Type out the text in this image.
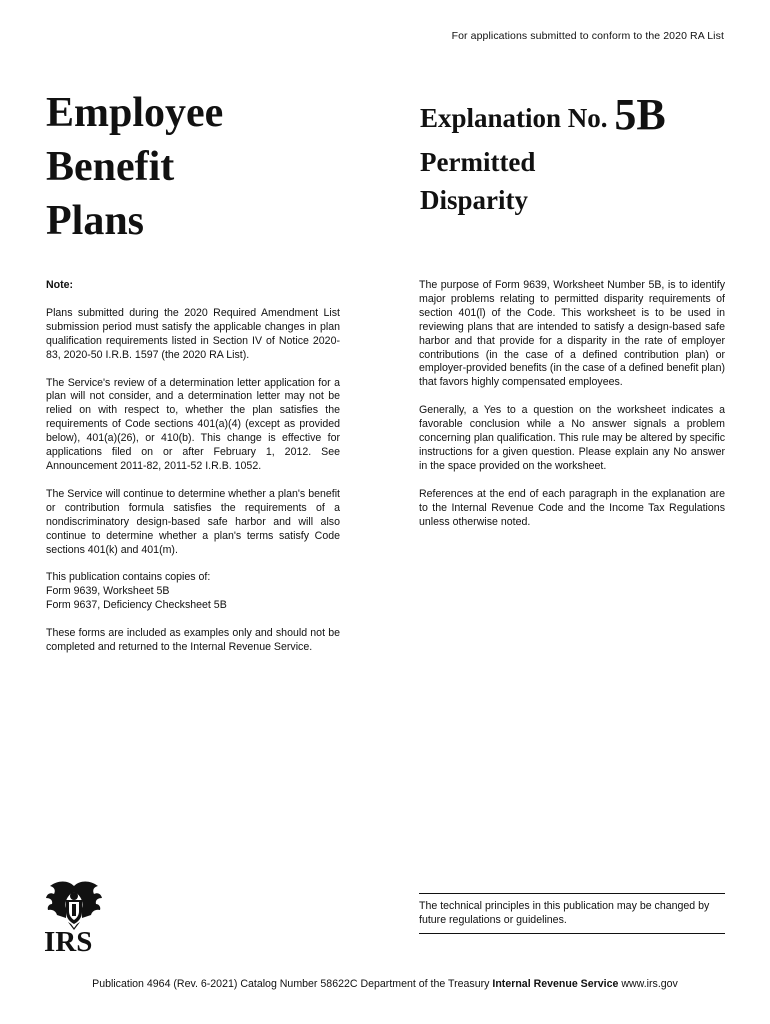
For applications submitted to conform to the 2020 RA List
Employee
Benefit
Plans
Explanation No. 5B
Permitted
Disparity

Note:

Plans submitted during the 2020 Required Amendment List submission period must satisfy the applicable changes in plan qualification requirements listed in Section IV of Notice 2020-83, 2020-50 I.R.B. 1597 (the 2020 RA List).

The Service's review of a determination letter application for a plan will not consider, and a determination letter may not be relied on with respect to, whether the plan satisfies the requirements of Code sections 401(a)(4) (except as provided below), 401(a)(26), or 410(b). This change is effective for applications filed on or after February 1, 2012. See Announcement 2011-82, 2011-52 I.R.B. 1052.

The Service will continue to determine whether a plan's benefit or contribution formula satisfies the requirements of a nondiscriminatory design-based safe harbor and will also continue to determine whether a plan's terms satisfy Code sections 401(k) and 401(m).

This publication contains copies of:
Form 9639, Worksheet 5B
Form 9637, Deficiency Checksheet 5B

These forms are included as examples only and should not be completed and returned to the Internal Revenue Service.

The purpose of Form 9639, Worksheet Number 5B, is to identify major problems relating to permitted disparity requirements of section 401(l) of the Code. This worksheet is to be used in reviewing plans that are intended to satisfy a design-based safe harbor and that provide for a disparity in the rate of employer contributions (in the case of a defined contribution plan) or employer-provided benefits (in the case of a defined benefit plan) that favors highly compensated employees.

Generally, a Yes to a question on the worksheet indicates a favorable conclusion while a No answer signals a problem concerning plan qualification. This rule may be altered by specific instructions for a given question. Please explain any No answer in the space provided on the worksheet.

References at the end of each paragraph in the explanation are to the Internal Revenue Code and the Income Tax Regulations unless otherwise noted.

The technical principles in this publication may be changed by future regulations or guidelines.
IRS
Publication 4964 (Rev. 6-2021) Catalog Number 58622C Department of the Treasury Internal Revenue Service www.irs.gov
